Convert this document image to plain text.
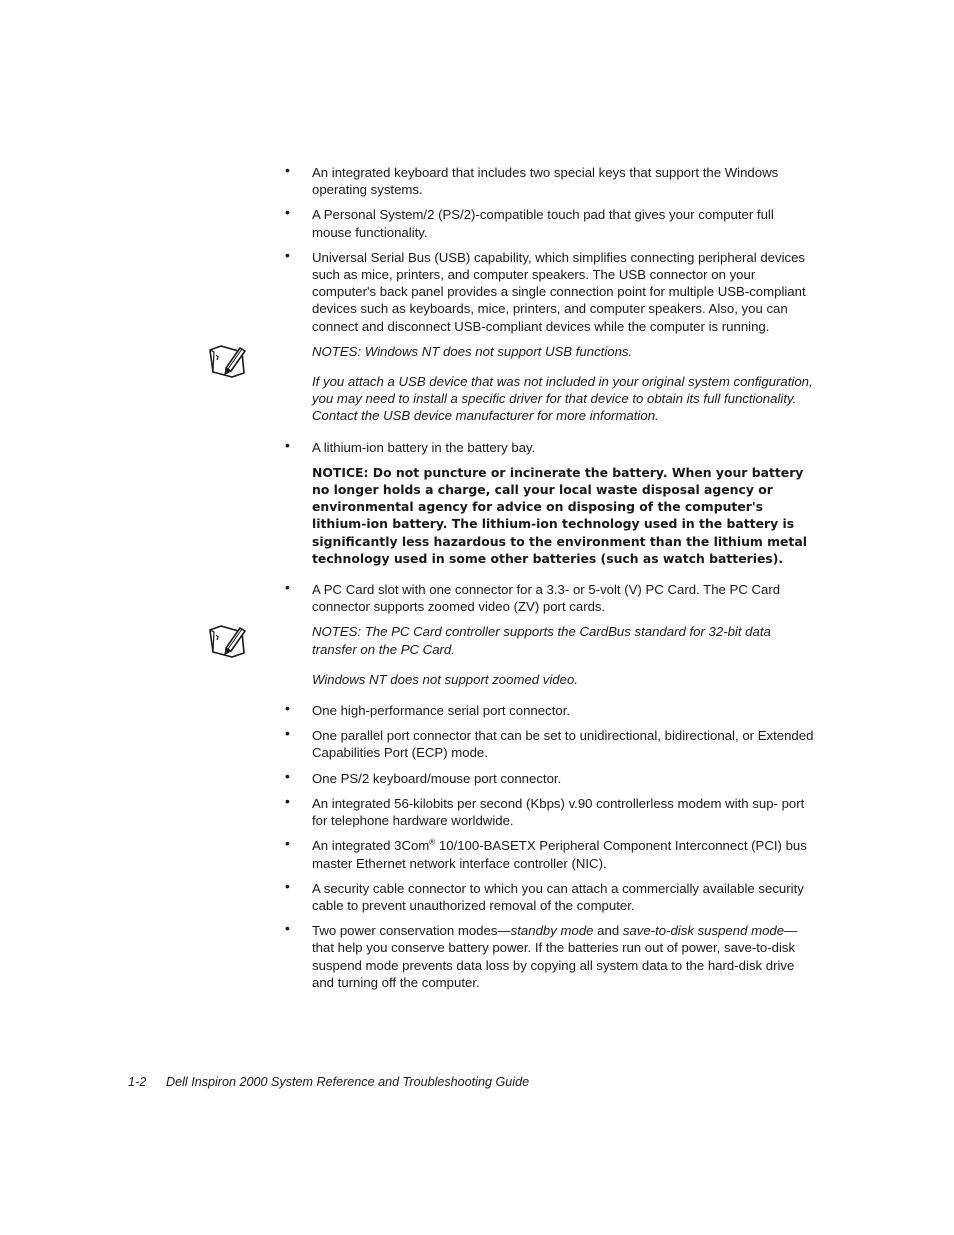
• An integrated keyboard that includes two special keys that support the Windows operating systems.
• A Personal System/2 (PS/2)-compatible touch pad that gives your computer full mouse functionality.
• Universal Serial Bus (USB) capability, which simplifies connecting peripheral devices such as mice, printers, and computer speakers. The USB connector on your computer's back panel provides a single connection point for multiple USB-compliant devices such as keyboards, mice, printers, and computer speakers. Also, you can connect and disconnect USB-compliant devices while the computer is running.

NOTES: Windows NT does not support USB functions.

If you attach a USB device that was not included in your original system configuration, you may need to install a specific driver for that device to obtain its full functionality. Contact the USB device manufacturer for more information.

• A lithium-ion battery in the battery bay.

NOTICE: Do not puncture or incinerate the battery. When your battery no longer holds a charge, call your local waste disposal agency or environmental agency for advice on disposing of the computer's lithium-ion battery. The lithium-ion technology used in the battery is significantly less hazardous to the environment than the lithium metal technology used in some other batteries (such as watch batteries).

• A PC Card slot with one connector for a 3.3- or 5-volt (V) PC Card. The PC Card connector supports zoomed video (ZV) port cards.

NOTES: The PC Card controller supports the CardBus standard for 32-bit data transfer on the PC Card.

Windows NT does not support zoomed video.

• One high-performance serial port connector.
• One parallel port connector that can be set to unidirectional, bidirectional, or Extended Capabilities Port (ECP) mode.
• One PS/2 keyboard/mouse port connector.
• An integrated 56-kilobits per second (Kbps) v.90 controllerless modem with sup- port for telephone hardware worldwide.
• An integrated 3Com® 10/100-BASETX Peripheral Component Interconnect (PCI) bus master Ethernet network interface controller (NIC).
• A security cable connector to which you can attach a commercially available security cable to prevent unauthorized removal of the computer.
• Two power conservation modes—standby mode and save-to-disk suspend mode—that help you conserve battery power. If the batteries run out of power, save-to-disk suspend mode prevents data loss by copying all system data to the hard-disk drive and turning off the computer.
1-2 Dell Inspiron 2000 System Reference and Troubleshooting Guide
